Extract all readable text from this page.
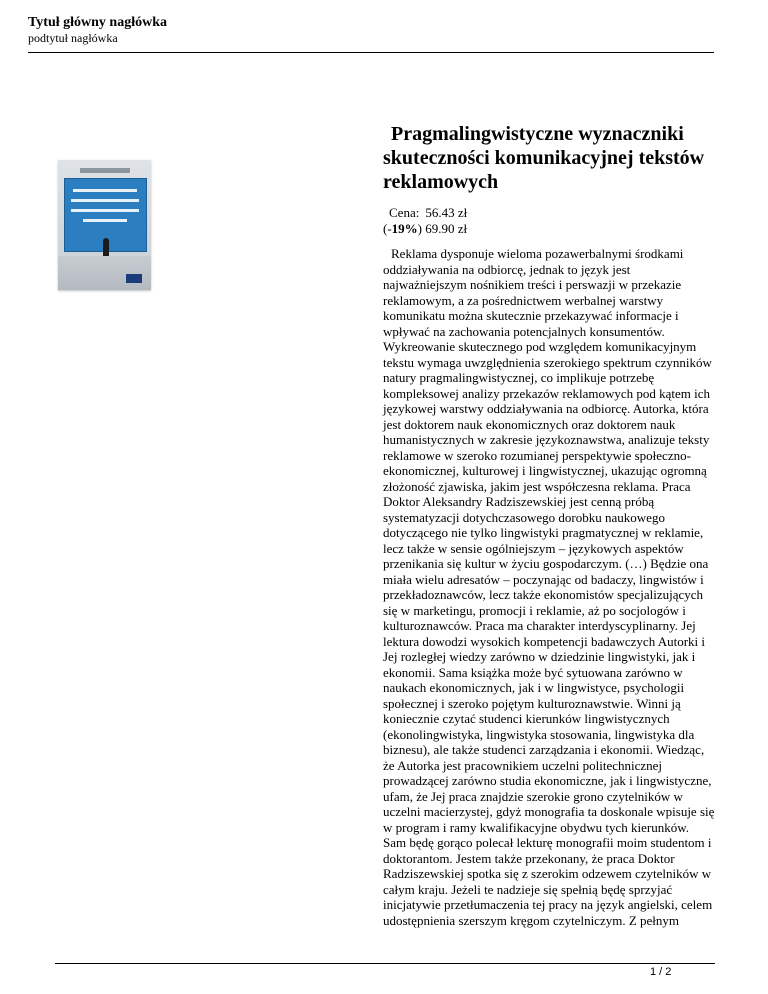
Tytuł główny nagłówka
podtytuł nagłówka
Pragmalingwistyczne wyznaczniki skuteczności komunikacyjnej tekstów reklamowych
Cena: 56.43 zł
(-19%) 69.90 zł
Reklama dysponuje wieloma pozawerbalnymi środkami
oddziaływania na odbiorcę, jednak to język jest
najważniejszym nośnikiem treści i perswazji w przekazie
reklamowym, a za pośrednictwem werbalnej warstwy
komunikatu można skutecznie przekazywać informacje i
wpływać na zachowania potencjalnych konsumentów.
Wykreowanie skutecznego pod względem komunikacyjnym
tekstu wymaga uwzględnienia szerokiego spektrum czynników
natury pragmalingwistycznej, co implikuje potrzebę
kompleksowej analizy przekazów reklamowych pod kątem ich
językowej warstwy oddziaływania na odbiorcę. Autorka, która
jest doktorem nauk ekonomicznych oraz doktorem nauk
humanistycznych w zakresie językoznawstwa, analizuje teksty
reklamowe w szeroko rozumianej perspektywie społeczno-
ekonomicznej, kulturowej i lingwistycznej, ukazując ogromną
złożoność zjawiska, jakim jest współczesna reklama. Praca
Doktor Aleksandry Radziszewskiej jest cenną próbą
systematyzacji dotychczasowego dorobku naukowego
dotyczącego nie tylko lingwistyki pragmatycznej w reklamie,
lecz także w sensie ogólniejszym – językowych aspektów
przenikania się kultur w życiu gospodarczym. (…) Będzie ona
miała wielu adresatów – poczynając od badaczy, lingwistów i
przekładoznawców, lecz także ekonomistów specjalizujących
się w marketingu, promocji i reklamie, aż po socjologów i
kulturoznawców. Praca ma charakter interdyscyplinarny. Jej
lektura dowodzi wysokich kompetencji badawczych Autorki i
Jej rozległej wiedzy zarówno w dziedzinie lingwistyki, jak i
ekonomii. Sama książka może być sytuowana zarówno w
naukach ekonomicznych, jak i w lingwistyce, psychologii
społecznej i szeroko pojętym kulturoznawstwie. Winni ją
koniecznie czytać studenci kierunków lingwistycznych
(ekonolingwistyka, lingwistyka stosowania, lingwistyka dla
biznesu), ale także studenci zarządzania i ekonomii. Wiedząc,
że Autorka jest pracownikiem uczelni politechnicznej
prowadzącej zarówno studia ekonomiczne, jak i lingwistyczne,
ufam, że Jej praca znajdzie szerokie grono czytelników w
uczelni macierzystej, gdyż monografia ta doskonale wpisuje się
w program i ramy kwalifikacyjne obydwu tych kierunków.
Sam będę gorąco polecał lekturę monografii moim studentom i
doktorantom. Jestem także przekonany, że praca Doktor
Radziszewskiej spotka się z szerokim odzewem czytelników w
całym kraju. Jeżeli te nadzieje się spełnią będę sprzyjać
inicjatywie przetłumaczenia tej pracy na język angielski, celem
udostępnienia szerszym kręgom czytelniczym. Z pełnym
1 / 2
